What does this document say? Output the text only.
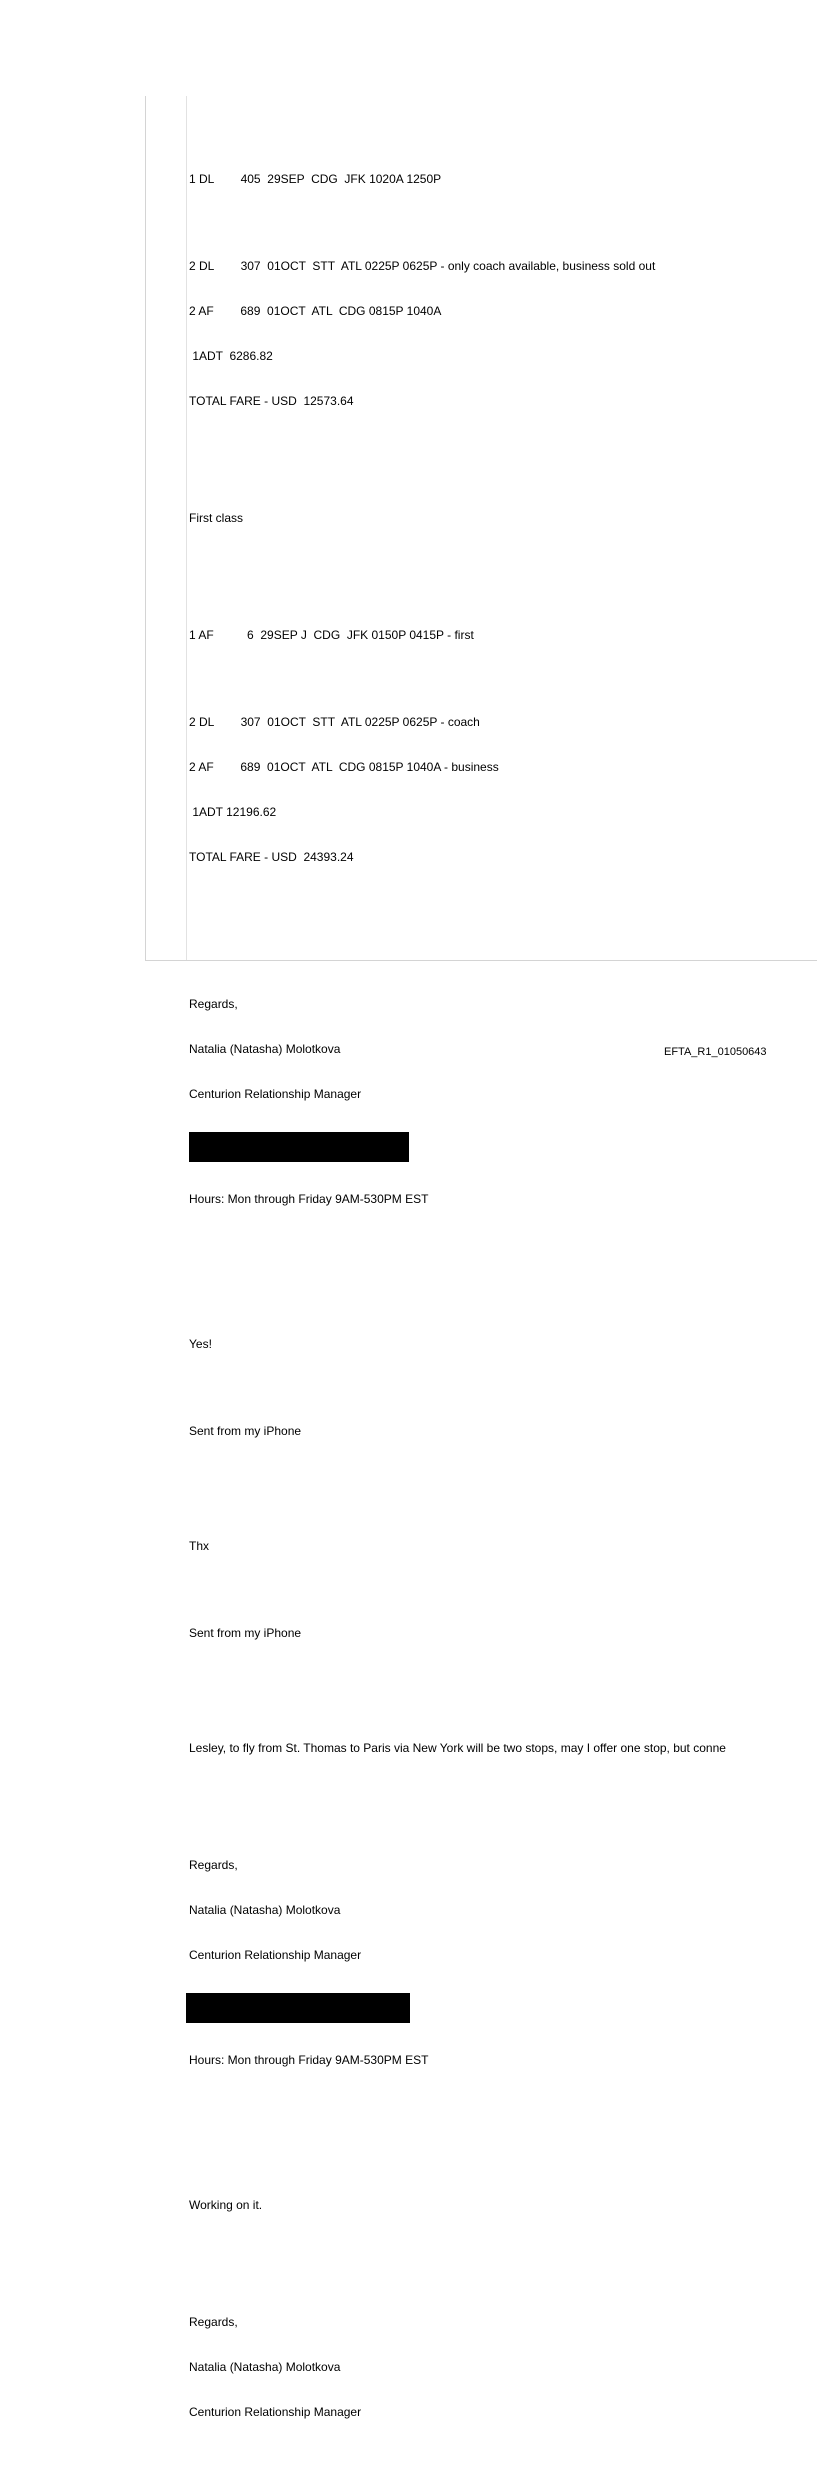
1 DL        405  29SEP  CDG  JFK 1020A 1250P

2 DL        307  01OCT  STT  ATL 0225P 0625P - only coach available, business sold out

2 AF        689  01OCT  ATL  CDG 0815P 1040A

1ADT  6286.82

TOTAL FARE - USD  12573.64

First class

1 AF          6  29SEP J  CDG  JFK 0150P 0415P - first

2 DL        307  01OCT  STT  ATL 0225P 0625P - coach

2 AF        689  01OCT  ATL  CDG 0815P 1040A - business

1ADT 12196.62

TOTAL FARE - USD  24393.24

Regards,

Natalia (Natasha) Molotkova

Centurion Relationship Manager

Hours: Mon through Friday 9AM-530PM EST

Yes!

Sent from my iPhone

Thx

Sent from my iPhone

Lesley, to fly from St. Thomas to Paris via New York will be two stops, may I offer one stop, but conne

Regards,

Natalia (Natasha) Molotkova

Centurion Relationship Manager

Hours: Mon through Friday 9AM-530PM EST

Working on it.

Regards,

Natalia (Natasha) Molotkova

Centurion Relationship Manager

EFTA_R1_01050643
